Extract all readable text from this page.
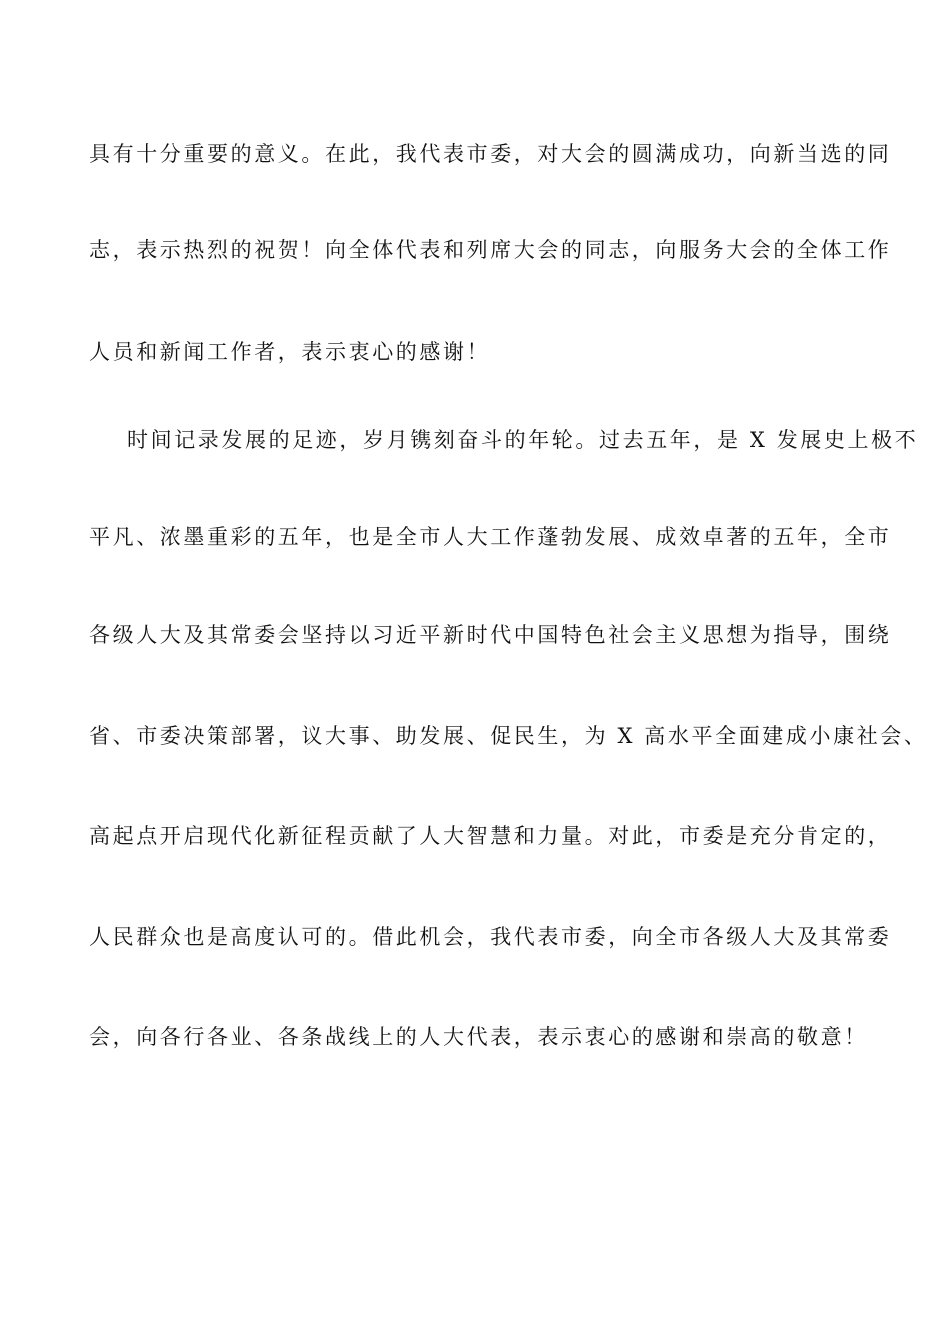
具有十分重要的意义。在此，我代表市委，对大会的圆满成功，向新当选的同
志，表示热烈的祝贺！向全体代表和列席大会的同志，向服务大会的全体工作
人员和新闻工作者，表示衷心的感谢！
时间记录发展的足迹，岁月镌刻奋斗的年轮。过去五年，是 X 发展史上极不
平凡、浓墨重彩的五年，也是全市人大工作蓬勃发展、成效卓著的五年，全市
各级人大及其常委会坚持以习近平新时代中国特色社会主义思想为指导，围绕
省、市委决策部署，议大事、助发展、促民生，为 X 高水平全面建成小康社会、
高起点开启现代化新征程贡献了人大智慧和力量。对此，市委是充分肯定的，
人民群众也是高度认可的。借此机会，我代表市委，向全市各级人大及其常委
会，向各行各业、各条战线上的人大代表，表示衷心的感谢和崇高的敬意！
